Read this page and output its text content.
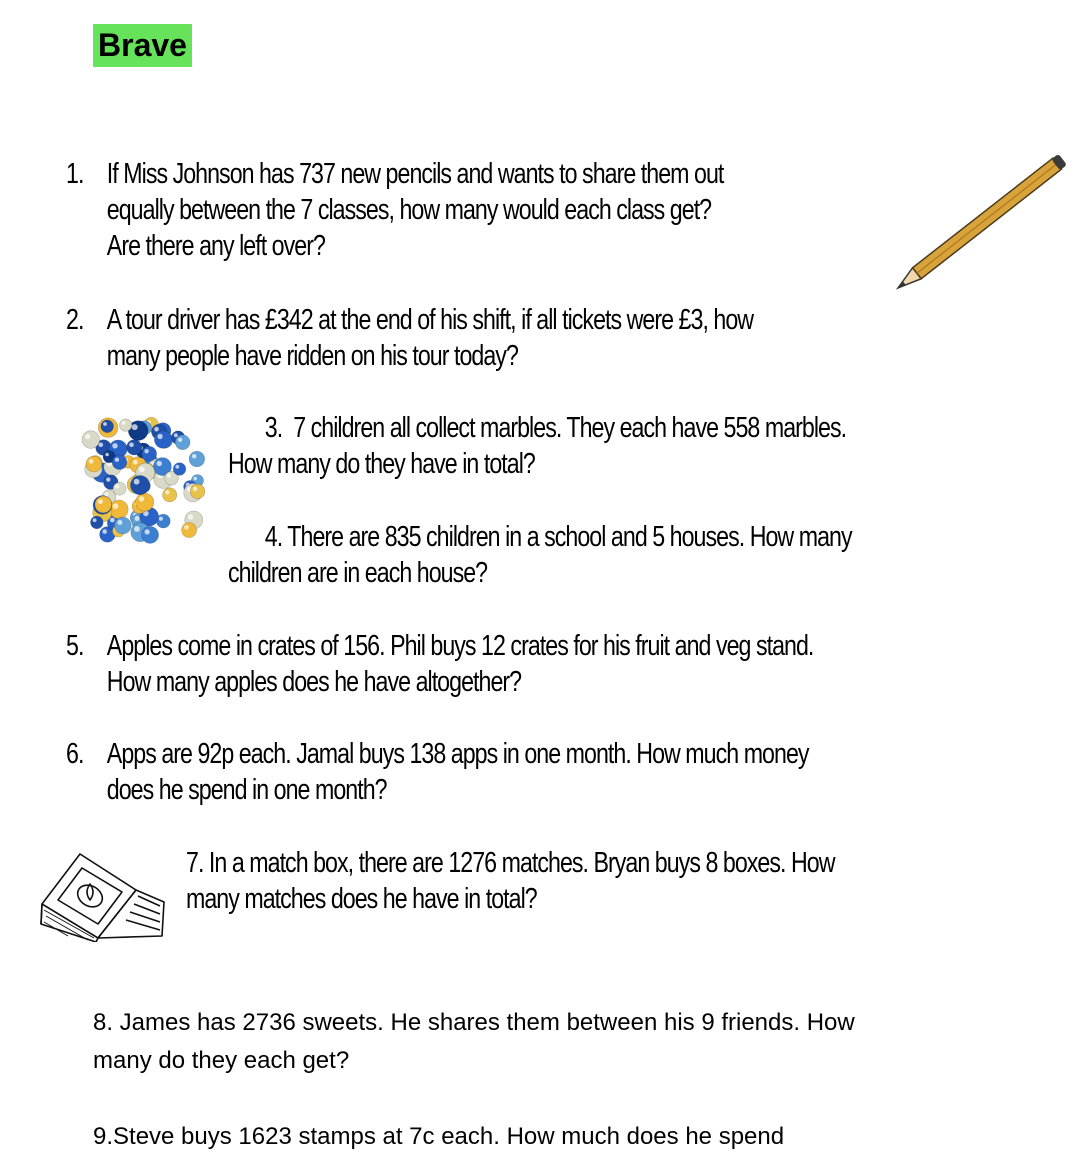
Brave
1. If Miss Johnson has 737 new pencils and wants to share them out
equally between the 7 classes, how many would each class get?
Are there any left over?
2. A tour driver has £342 at the end of his shift, if all tickets were £3, how
many people have ridden on his tour today?
3. 7 children all collect marbles. They each have 558 marbles.
How many do they have in total?
4. There are 835 children in a school and 5 houses. How many
children are in each house?
5. Apples come in crates of 156. Phil buys 12 crates for his fruit and veg stand.
How many apples does he have altogether?
6. Apps are 92p each. Jamal buys 138 apps in one month. How much money
does he spend in one month?
7. In a match box, there are 1276 matches. Bryan buys 8 boxes. How
many matches does he have in total?
8. James has 2736 sweets. He shares them between his 9 friends. How
many do they each get?
9.Steve buys 1623 stamps at 7c each. How much does he spend
